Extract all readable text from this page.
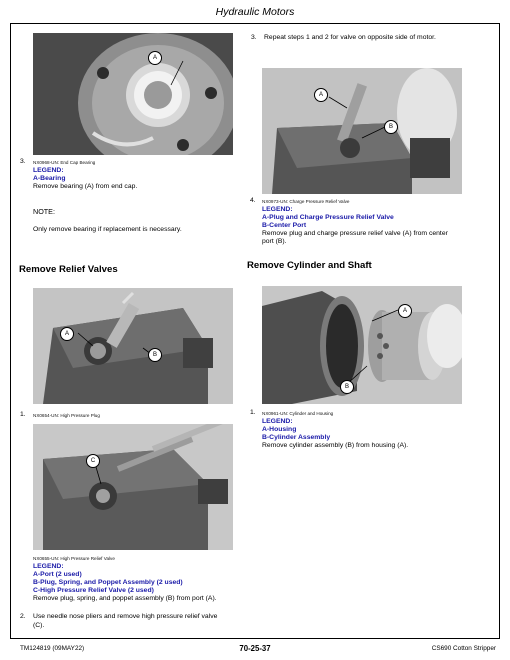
Hydraulic Motors
A
3. NX0968-UN: End Cap Bearing
LEGEND:
A-Bearing
Remove bearing (A) from end cap.
NOTE:
Only remove bearing if replacement is necessary.
Remove Relief Valves
A
B
1. NX0654-UN: High Pressure Plug
C
NX0655-UN: High Pressure Relief Valve
LEGEND:
A-Port (2 used)
B-Plug, Spring, and Poppet Assembly (2 used)
C-High Pressure Relief Valve (2 used)
Remove plug, spring, and poppet assembly (B) from port (A).
2. Use needle nose pliers and remove high pressure relief valve
(C).
3. Repeat steps 1 and 2 for valve on opposite side of motor.
A
B
4. NX0973-UN: Charge Pressure Relief Valve
LEGEND:
A-Plug and Charge Pressure Relief Valve
B-Center Port
Remove plug and charge pressure relief valve (A) from center
port (B).
Remove Cylinder and Shaft
A
B
1. NX0961-UN: Cylinder and Housing
LEGEND:
A-Housing
B-Cylinder Assembly
Remove cylinder assembly (B) from housing (A).
TM124819 (09MAY22)	70-25-37	CS690 Cotton Stripper
